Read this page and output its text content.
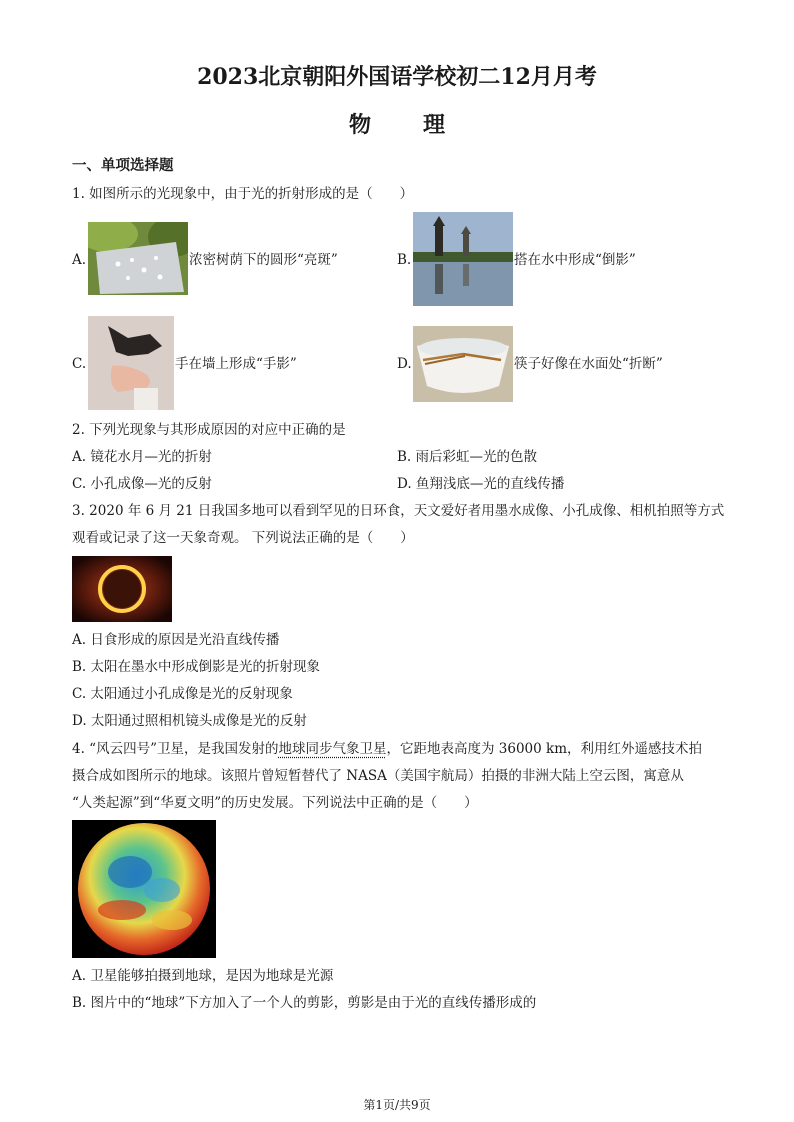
2023北京朝阳外国语学校初二12月月考
物理
一、单项选择题
1. 如图所示的光现象中，由于光的折射形成的是（　　）
A.	浓密树荫下的圆形“亮斑”	B.	搭在水中形成“倒影”
C.	手在墙上形成“手影”	D.	筷子好像在水面处“折断”
2. 下列光现象与其形成原因的对应中正确的是
A. 镜花水月—光的折射	B. 雨后彩虹—光的色散
C. 小孔成像—光的反射	D. 鱼翔浅底—光的直线传播
3. 2020 年 6 月 21 日我国多地可以看到罕见的日环食，天文爱好者用墨水成像、小孔成像、相机拍照等方式
观看或记录了这一天象奇观。 下列说法正确的是（　　）
A. 日食形成的原因是光沿直线传播
B. 太阳在墨水中形成倒影是光的折射现象
C. 太阳通过小孔成像是光的反射现象
D. 太阳通过照相机镜头成像是光的反射
4. “风云四号”卫星，是我国发射的地球同步气象卫星，它距地表高度为 36000 km，利用红外遥感技术拍
摄合成如图所示的地球。该照片曾短暂替代了 NASA（美国宇航局）拍摄的非洲大陆上空云图，寓意从
“人类起源”到“华夏文明”的历史发展。下列说法中正确的是（　　）
A. 卫星能够拍摄到地球，是因为地球是光源
B. 图片中的“地球”下方加入了一个人的剪影，剪影是由于光的直线传播形成的
第1页/共9页
